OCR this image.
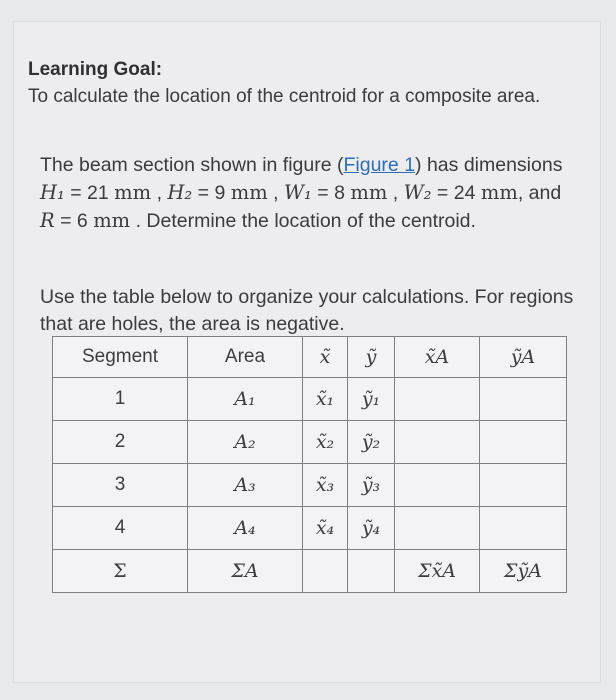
Learning Goal:

To calculate the location of the centroid for a composite area.

The beam section shown in figure (Figure 1) has dimensions H₁ = 21 mm , H₂ = 9 mm , W₁ = 8 mm , W₂ = 24 mm, and R = 6 mm . Determine the location of the centroid.

Use the table below to organize your calculations. For regions that are holes, the area is negative.

Segment	Area	x̃	ỹ	x̃A	ỹA
1	A₁	x̃₁	ỹ₁		
2	A₂	x̃₂	ỹ₂		
3	A₃	x̃₃	ỹ₃		
4	A₄	x̃₄	ỹ₄		
Σ	ΣA			Σx̃A	ΣỹA
